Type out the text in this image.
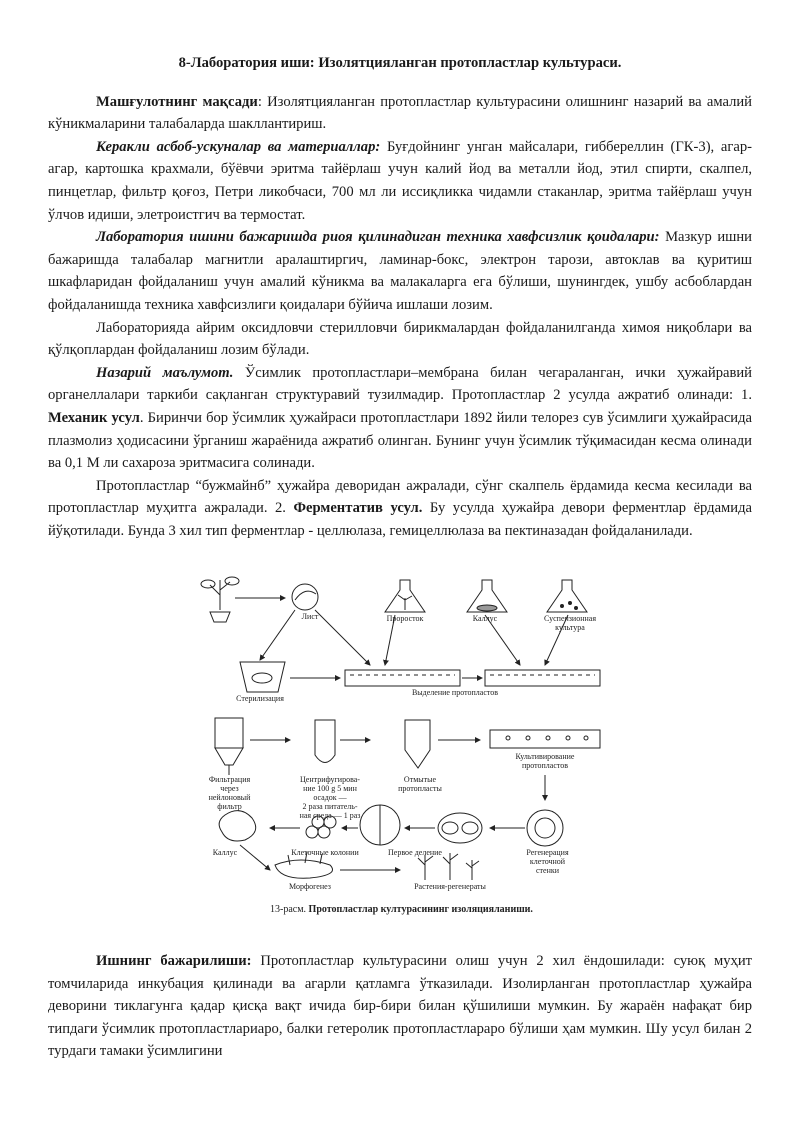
8-Лаборатория иши: Изолятцияланган протопластлар культураси.

Машғулотнинг мақсади: Изолятцияланган протопластлар культурасини олишнинг назарий ва амалий кўникмаларини талабаларда шакллантириш.

Керакли асбоб-ускуналар ва материаллар: Буғдойнинг унган майсалари, гиббереллин (ГК-3), агар-агар, картошка крахмали, бўёвчи эритма тайёрлаш учун калий йод ва металли йод, этил спирти, скалпел, пинцетлар, фильтр қоғоз, Петри ликобчаси, 700 мл ли иссиқликка чидамли стаканлар, эритма тайёрлаш учун ўлчов идиши, элетроистгич ва термостат.

Лаборатория ишини бажаришда риоя қилинадиган техника хавфсизлик қоидалари: Мазкур ишни бажаришда талабалар магнитли аралаштиргич, ламинар-бокс, электрон тарози, автоклав ва қуритиш шкафларидан фойдаланиш учун амалий кўникма ва малакаларга ега бўлиши, шунингдек, ушбу асбоблардан фойдаланишда техника хавфсизлиги қоидалари бўйича ишлаши лозим.

Лабораторияда айрим оксидловчи стерилловчи бирикмалардан фойдаланилганда химоя ниқоблари ва қўлқоплардан фойдаланиш лозим бўлади.

Назарий маълумот. Ўсимлик протопластлари–мембрана билан чегараланган, ички ҳужайравий органеллалари таркиби сақланган структуравий тузилмадир. Протопластлар 2 усулда ажратиб олинади: 1. Механик усул. Биринчи бор ўсимлик ҳужайраси протопластлари 1892 йили телорез сув ўсимлиги ҳужайрасида плазмолиз ҳодисасини ўрганиш жараёнида ажратиб олинган. Бунинг учун ўсимлик тўқимасидан кесма олинади ва 0,1 М ли сахароза эритмасига солинади.

Протопластлар “бужмайнб” ҳужайра деворидан ажралади, сўнг скалпель ёрдамида кесма кесилади ва протопластлар муҳитга ажралади. 2. Ферментатив усул. Бу усулда ҳужайра девори ферментлар ёрдамида йўқотилади. Бунда 3 хил тип ферментлар - целлюлаза, гемицеллюлаза ва пектиназадан фойдаланилади.

Лист	Проросток	Каллус	Суспензионная
культура
Стерилизация
Выделение протопластов
Фильтрация
через
нейлоновый
фильтр
Центрифугирова-
ние 100 g 5 мин
осадок —
2 раза питатель-
ная среда — 1 раз
Отмытые
протопласты
Культивирование
протопластов
Каллус	Клеточные колонии	Первое деление	Регенерация
клеточной
стенки
Морфогенез	Растения-регенераты
13-расм. Протопластлар културасининг изоляцияланиши.

Ишнинг бажарилиши: Протопластлар культурасини олиш учун 2 хил ёндошилади: суюқ муҳит томчиларида инкубация қилинади ва агарли қатламга ўтказилади. Изолирланган протопластлар ҳужайра деворини тиклагунга қадар қисқа вақт ичида бир-бири билан қўшилиши мумкин. Бу жараён нафақат бир типдаги ўсимлик протопластлариаро, балки гетеролик протопластлараро бўлиши ҳам мумкин. Шу усул билан 2 турдаги тамаки ўсимлигини
